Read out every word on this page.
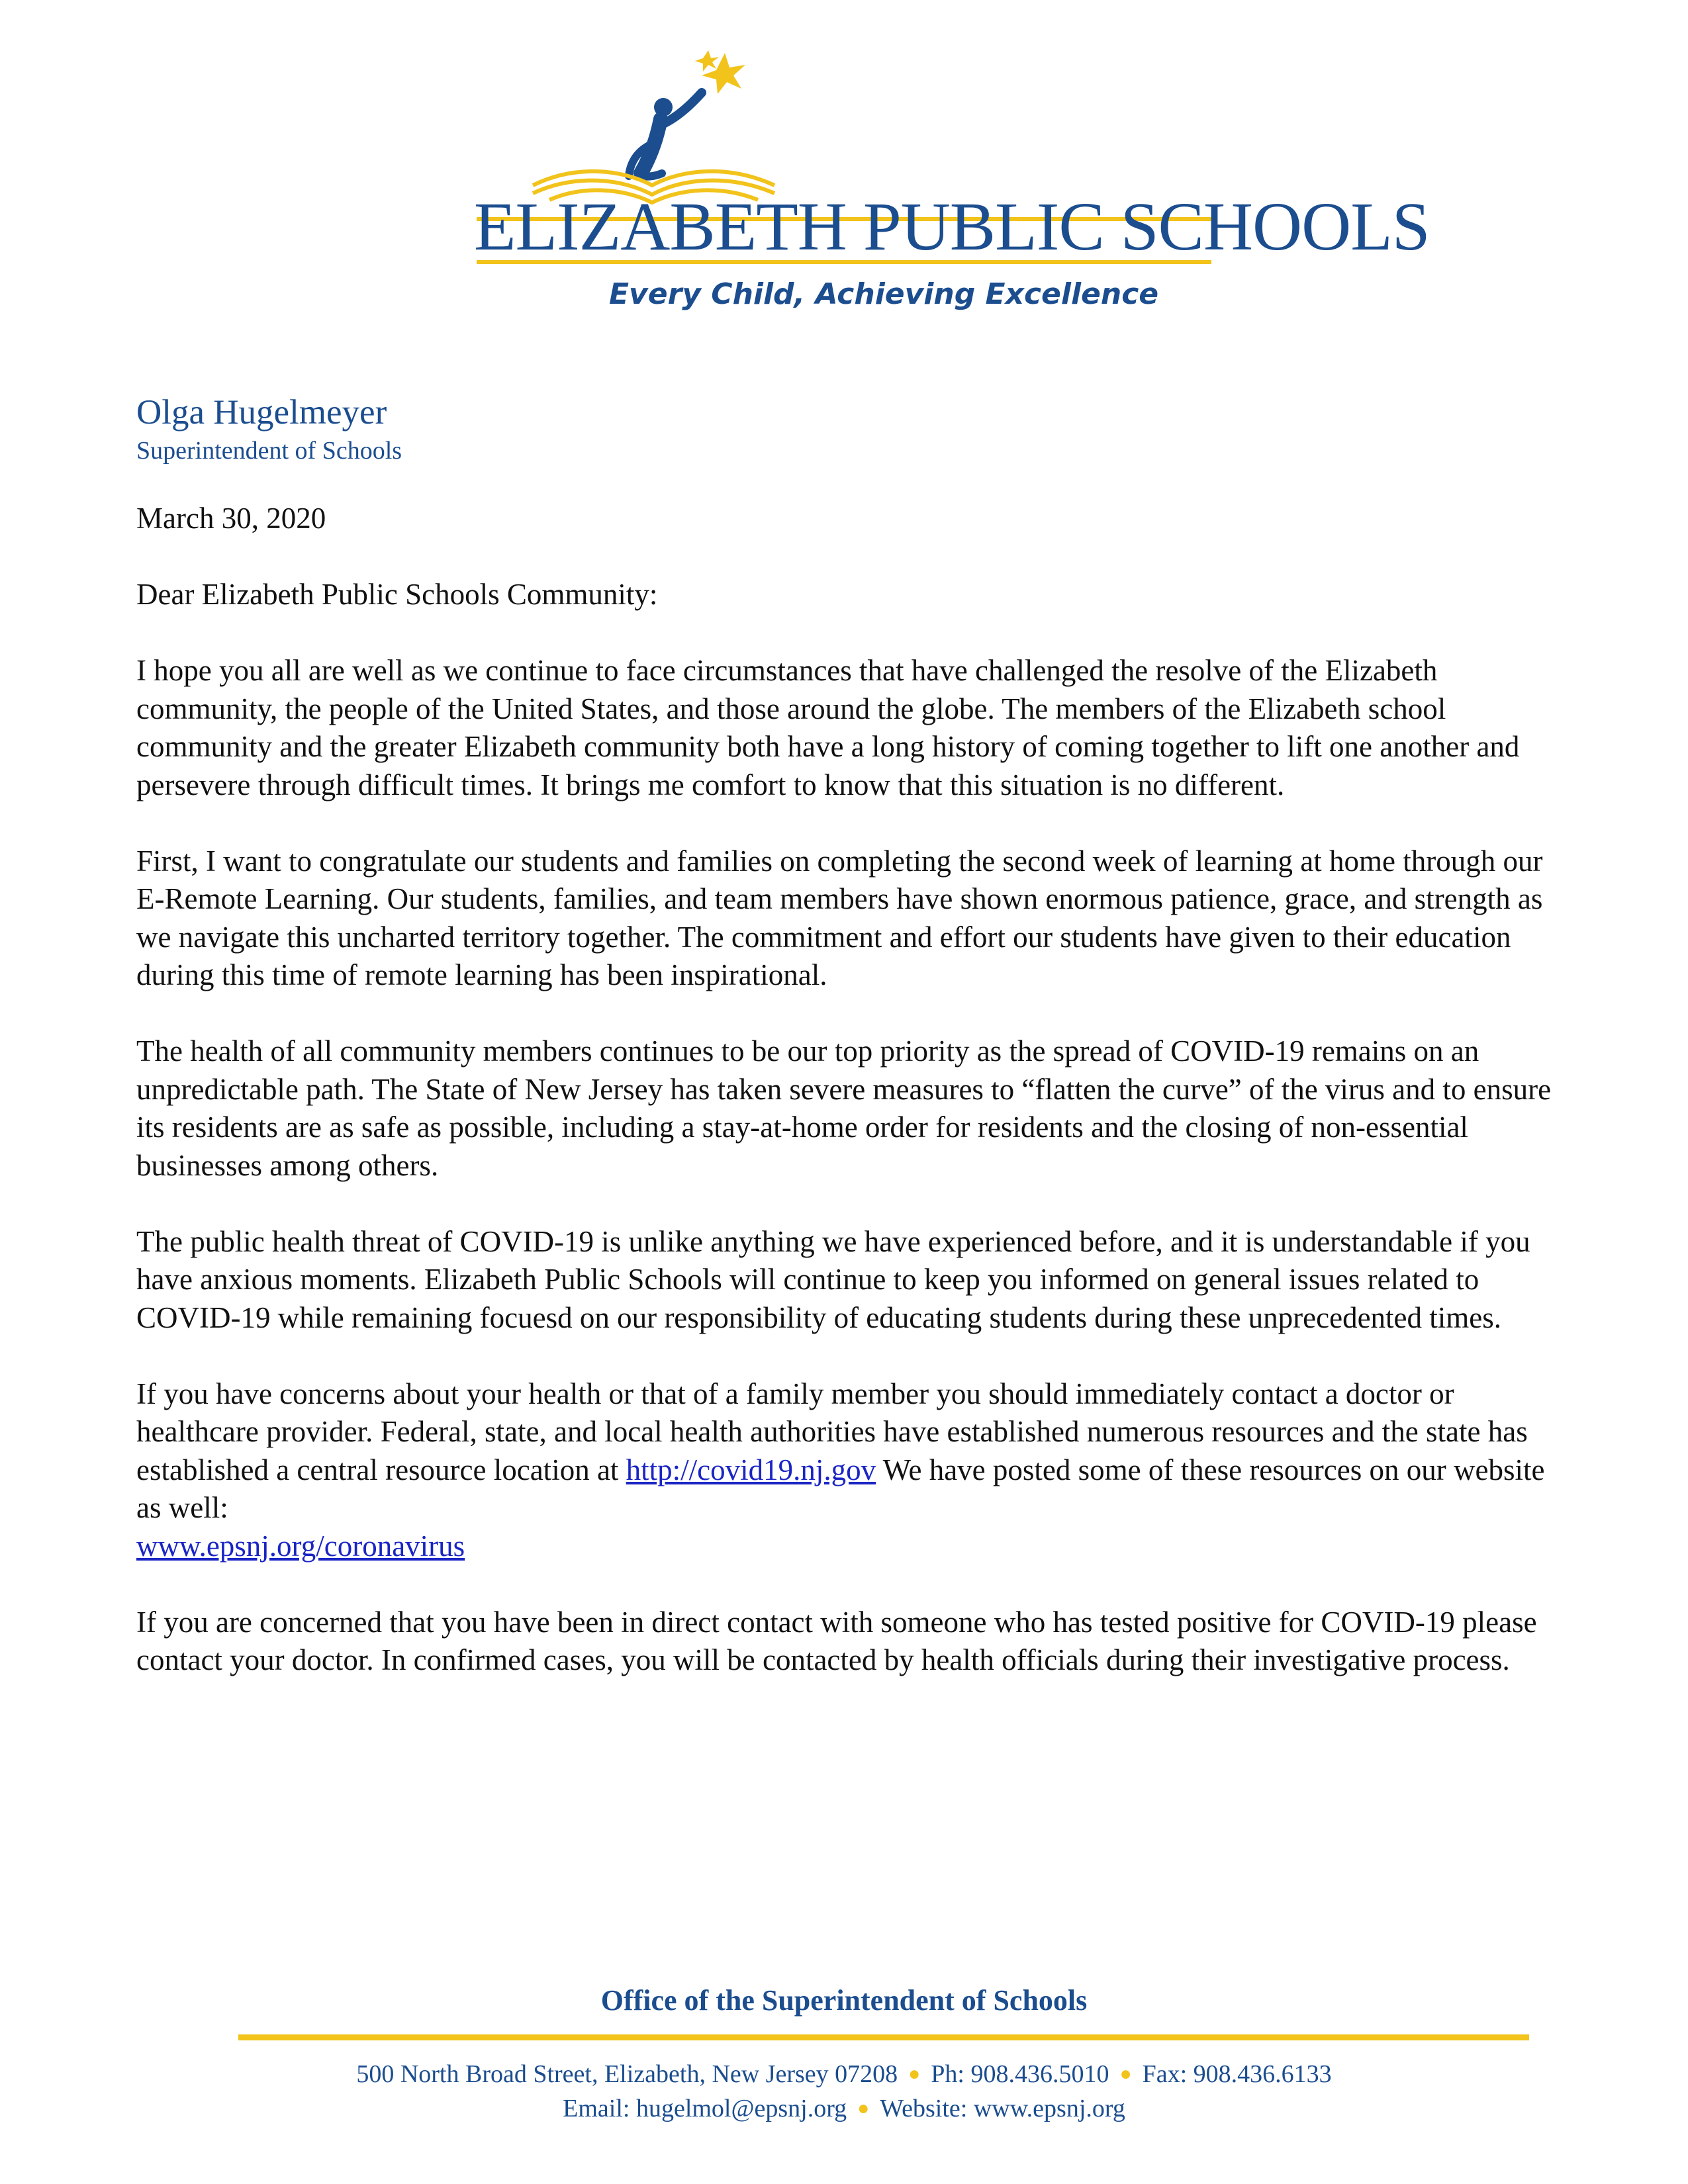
ELIZABETH PUBLIC SCHOOLS
Every Child, Achieving Excellence
Olga Hugelmeyer
Superintendent of Schools

March 30, 2020

Dear Elizabeth Public Schools Community:

I hope you all are well as we continue to face circumstances that have challenged the resolve of the Elizabeth community, the people of the United States, and those around the globe. The members of the Elizabeth school community and the greater Elizabeth community both have a long history of coming together to lift one another and persevere through difficult times. It brings me comfort to know that this situation is no different.

First, I want to congratulate our students and families on completing the second week of learning at home through our E-Remote Learning. Our students, families, and team members have shown enormous patience, grace, and strength as we navigate this uncharted territory together. The commitment and effort our students have given to their education during this time of remote learning has been inspirational.

The health of all community members continues to be our top priority as the spread of COVID-19 remains on an unpredictable path. The State of New Jersey has taken severe measures to “flatten the curve” of the virus and to ensure its residents are as safe as possible, including a stay-at-home order for residents and the closing of non-essential businesses among others.

The public health threat of COVID-19 is unlike anything we have experienced before, and it is understandable if you have anxious moments. Elizabeth Public Schools will continue to keep you informed on general issues related to COVID-19 while remaining focuesd on our responsibility of educating students during these unprecedented times.

If you have concerns about your health or that of a family member you should immediately contact a doctor or healthcare provider. Federal, state, and local health authorities have established numerous resources and the state has established a central resource location at http://covid19.nj.gov We have posted some of these resources on our website as well:
www.epsnj.org/coronavirus

If you are concerned that you have been in direct contact with someone who has tested positive for COVID-19 please contact your doctor. In confirmed cases, you will be contacted by health officials during their investigative process.

Office of the Superintendent of Schools
500 North Broad Street, Elizabeth, New Jersey 07208 ● Ph: 908.436.5010 ● Fax: 908.436.6133
Email: hugelmol@epsnj.org ● Website: www.epsnj.org
